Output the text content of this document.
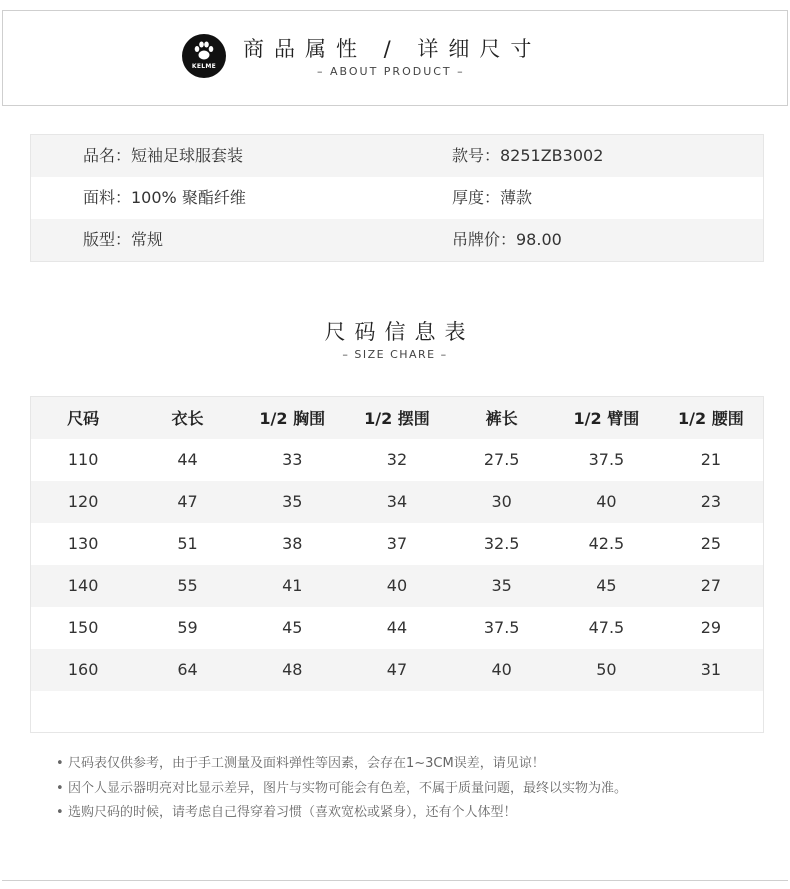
KELME
商品属性 / 详细尺寸
– ABOUT PRODUCT –
品名：短袖足球服套装	款号：8251ZB3002
面料：100% 聚酯纤维	厚度：薄款
版型：常规	吊牌价：98.00
尺码信息表
– SIZE CHARE –
尺码	衣长	1/2 胸围	1/2 摆围	裤长	1/2 臂围	1/2 腰围
110	44	33	32	27.5	37.5	21
120	47	35	34	30	40	23
130	51	38	37	32.5	42.5	25
140	55	41	40	35	45	27
150	59	45	44	37.5	47.5	29
160	64	48	47	40	50	31

• 尺码表仅供参考，由于手工测量及面料弹性等因素，会存在1~3CM误差，请见谅！
• 因个人显示器明亮对比显示差异，图片与实物可能会有色差，不属于质量问题，最终以实物为准。
• 选购尺码的时候，请考虑自己得穿着习惯（喜欢宽松或紧身），还有个人体型！
